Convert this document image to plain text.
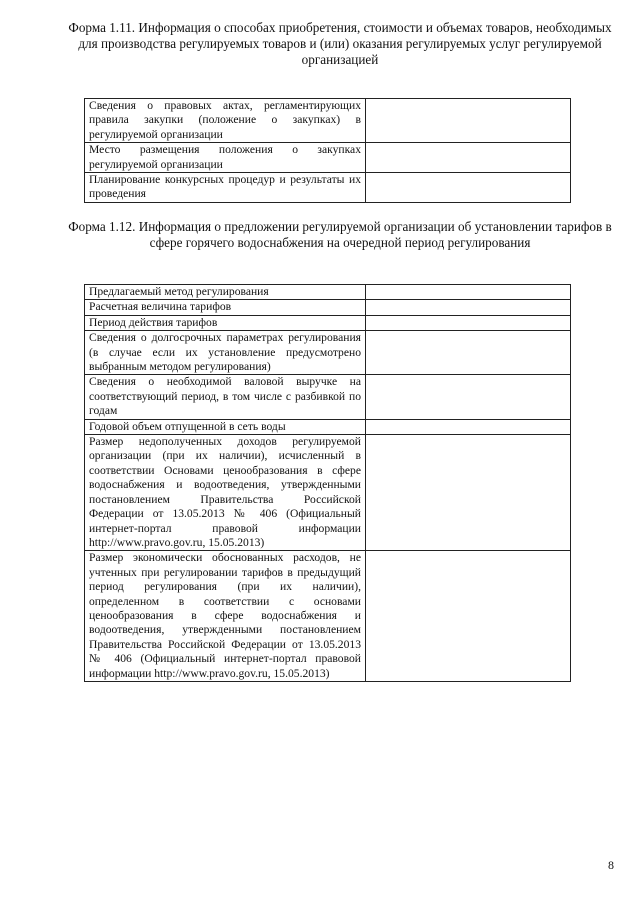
Форма 1.11. Информация о способах приобретения, стоимости и объемах товаров, необходимых для производства регулируемых товаров и (или) оказания регулируемых услуг регулируемой организацией
Сведения о правовых актах, регламентирующих правила закупки (положение о закупках) в регулируемой организации	
Место размещения положения о закупках регулируемой организации	
Планирование конкурсных процедур и результаты их проведения	
Форма 1.12. Информация о предложении регулируемой организации об установлении тарифов в сфере горячего водоснабжения на очередной период регулирования
Предлагаемый метод регулирования	
Расчетная величина тарифов	
Период действия тарифов	
Сведения о долгосрочных параметрах регулирования (в случае если их установление предусмотрено выбранным методом регулирования)	
Сведения о необходимой валовой выручке на соответствующий период, в том числе с разбивкой по годам	
Годовой объем отпущенной в сеть воды	
Размер недополученных доходов регулируемой организации (при их наличии), исчисленный в соответствии Основами ценообразования в сфере водоснабжения и водоотведения, утвержденными постановлением Правительства Российской Федерации от 13.05.2013 № 406 (Официальный интернет-портал правовой информации http://www.pravo.gov.ru, 15.05.2013)	
Размер экономически обоснованных расходов, не учтенных при регулировании тарифов в предыдущий период регулирования (при их наличии), определенном в соответствии с основами ценообразования в сфере водоснабжения и водоотведения, утвержденными постановлением Правительства Российской Федерации от 13.05.2013 № 406 (Официальный интернет-портал правовой информации http://www.pravo.gov.ru, 15.05.2013)	

8
